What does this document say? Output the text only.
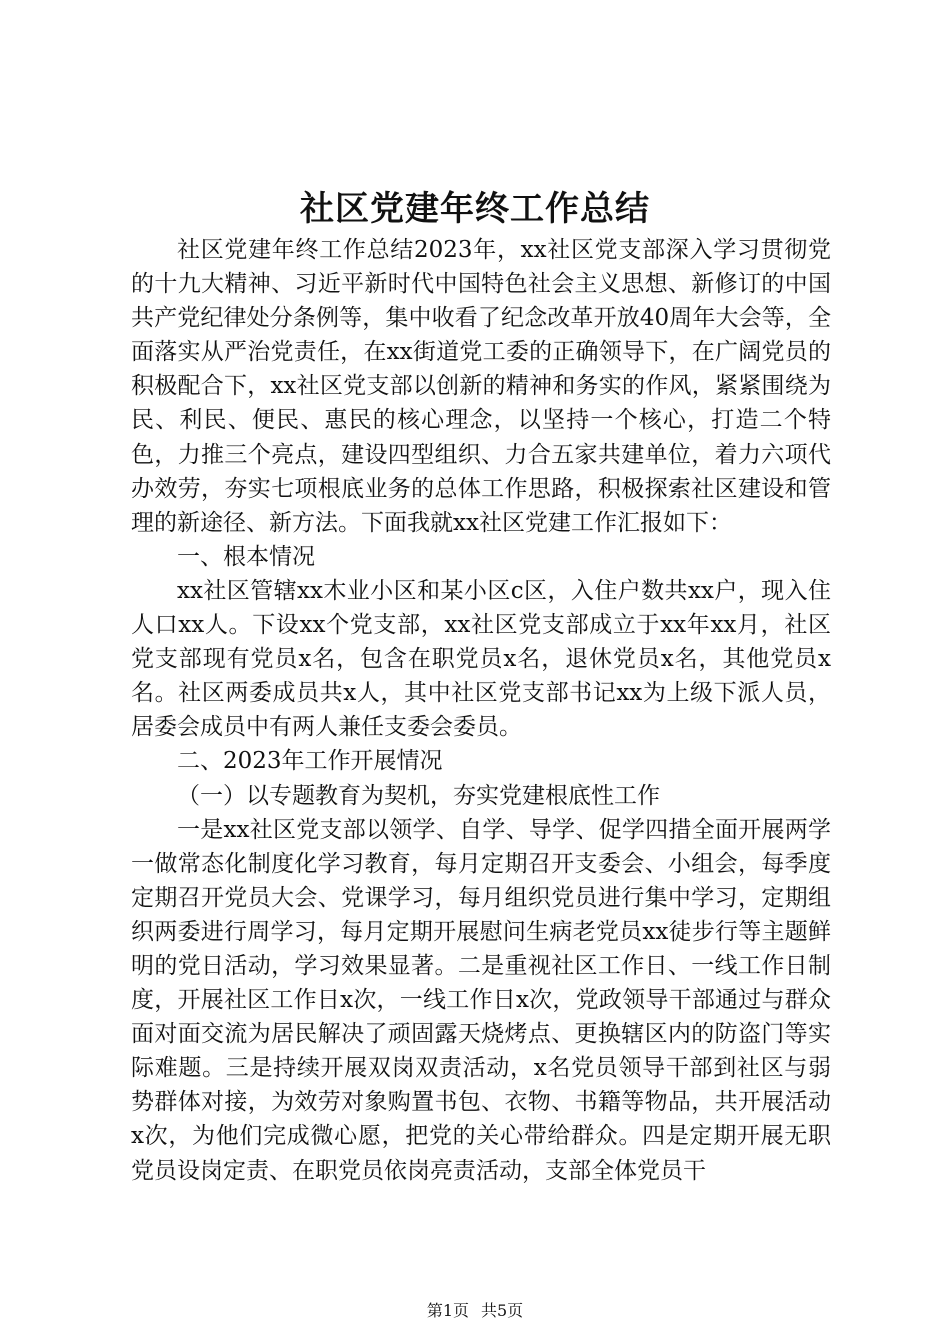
社区党建年终工作总结

社区党建年终工作总结2023年，xx社区党支部深入学习贯彻党的十九大精神、习近平新时代中国特色社会主义思想、新修订的中国共产党纪律处分条例等，集中收看了纪念改革开放40周年大会等，全面落实从严治党责任，在xx街道党工委的正确领导下，在广阔党员的积极配合下，xx社区党支部以创新的精神和务实的作风，紧紧围绕为民、利民、便民、惠民的核心理念，以坚持一个核心，打造二个特色，力推三个亮点，建设四型组织、力合五家共建单位，着力六项代办效劳，夯实七项根底业务的总体工作思路，积极探索社区建设和管理的新途径、新方法。下面我就xx社区党建工作汇报如下：

一、根本情况

xx社区管辖xx木业小区和某小区c区，入住户数共xx户，现入住人口xx人。下设xx个党支部，xx社区党支部成立于xx年xx月，社区党支部现有党员x名，包含在职党员x名，退休党员x名，其他党员x名。社区两委成员共x人，其中社区党支部书记xx为上级下派人员，居委会成员中有两人兼任支委会委员。

二、2023年工作开展情况

（一）以专题教育为契机，夯实党建根底性工作

一是xx社区党支部以领学、自学、导学、促学四措全面开展两学一做常态化制度化学习教育，每月定期召开支委会、小组会，每季度定期召开党员大会、党课学习，每月组织党员进行集中学习，定期组织两委进行周学习，每月定期开展慰问生病老党员xx徒步行等主题鲜明的党日活动，学习效果显著。二是重视社区工作日、一线工作日制度，开展社区工作日x次，一线工作日x次，党政领导干部通过与群众面对面交流为居民解决了顽固露天烧烤点、更换辖区内的防盗门等实际难题。三是持续开展双岗双责活动，x名党员领导干部到社区与弱势群体对接，为效劳对象购置书包、衣物、书籍等物品，共开展活动x次，为他们完成微心愿，把党的关心带给群众。四是定期开展无职党员设岗定责、在职党员依岗亮责活动，支部全体党员干

第1页 共5页
